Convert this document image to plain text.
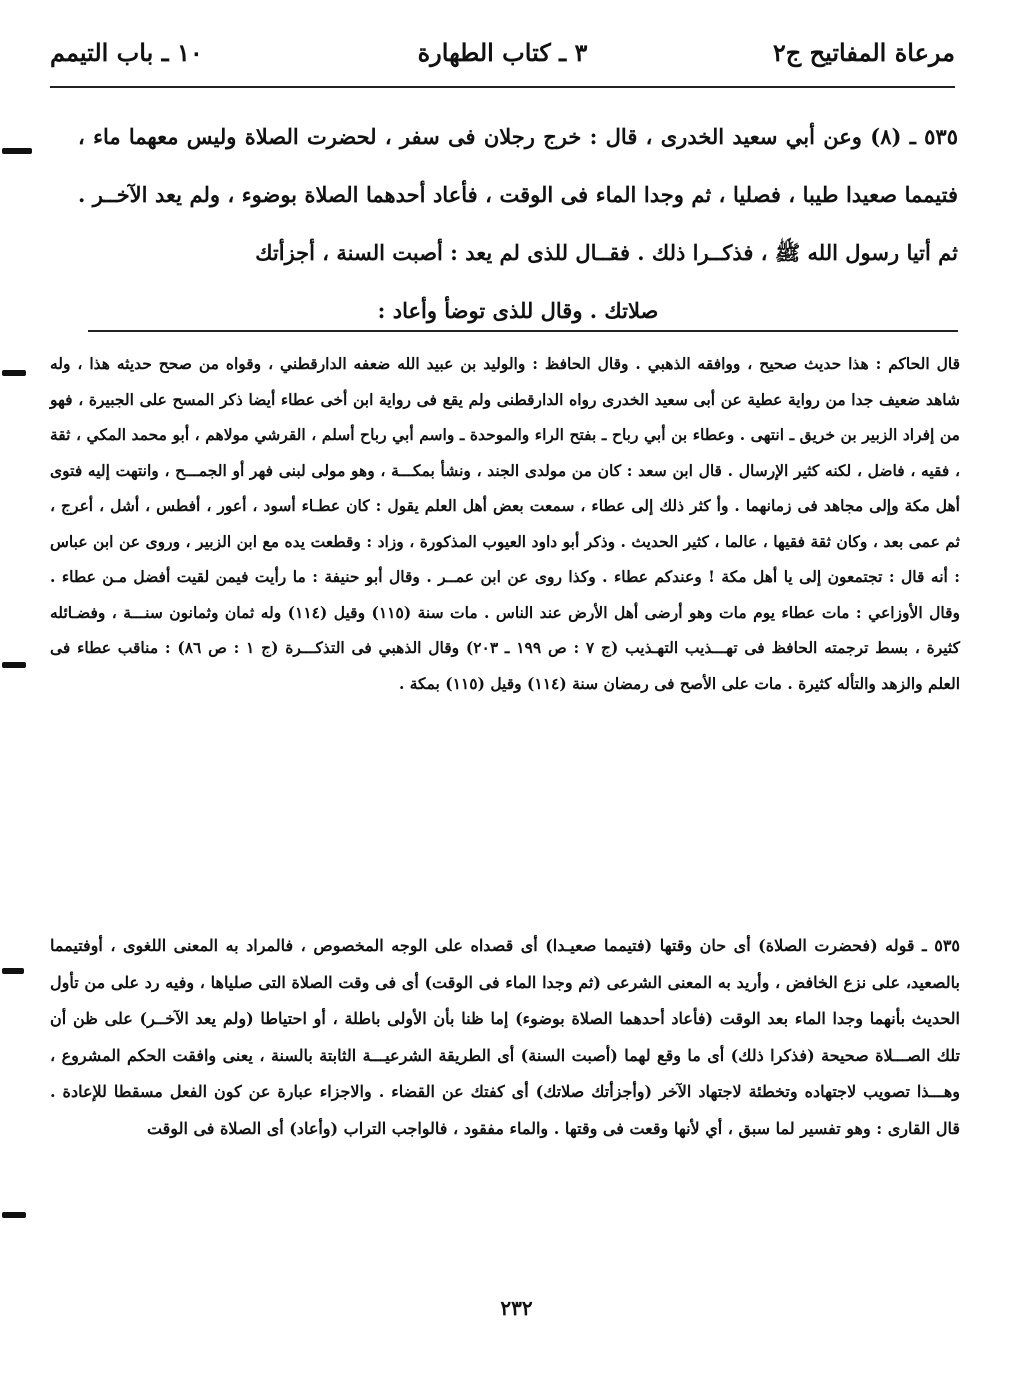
مرعاة المفاتيح ج٢
٣ ـ كتاب الطهارة
١٠ ـ باب التيمم

٥٣٥ ـ (٨) وعن أبي سعيد الخدرى ، قال : خرج رجلان فى سفر ، لحضرت الصلاة وليس معهما ماء ، فتيمما صعيدا طيبا ، فصليا ، ثم وجدا الماء فى الوقت ، فأعاد أحدهما الصلاة بوضوء ، ولم يعد الآخــر . ثم أتيا رسول الله ﷺ ، فذكــرا ذلك . فقــال للذى لم يعد : أصبت السنة ، أجزأتك

صلاتك . وقال للذى توضأ وأعاد :

قال الحاكم : هذا حديث صحيح ، ووافقه الذهبي . وقال الحافظ : والوليد بن عبيد الله ضعفه الدارقطني ، وقواه من صحح حديثه هذا ، وله شاهد ضعيف جدا من رواية عطية عن أبى سعيد الخدرى رواه الدارقطنى ولم يقع فى رواية ابن أخى عطاء أيضا ذكر المسح على الجبيرة ، فهو من إفراد الزبير بن خريق ـ انتهى . وعطاء بن أبي رباح ـ بفتح الراء والموحدة ـ واسم أبي رباح أسلم ، القرشي مولاهم ، أبو محمد المكي ، ثقة ، فقيه ، فاضل ، لكنه كثير الإرسال . قال ابن سعد : كان من مولدى الجند ، ونشأ بمكـــة ، وهو مولى لبنى فهر أو الجمـــح ، وانتهت إليه فتوى أهل مكة وإلى مجاهد فى زمانهما . وأ كثر ذلك إلى عطاء ، سمعت بعض أهل العلم يقول : كان عطـاء أسود ، أعور ، أفطس ، أشل ، أعرج ، ثم عمى بعد ، وكان ثقة فقيها ، عالما ، كثير الحديث . وذكر أبو داود العيوب المذكورة ، وزاد : وقطعت يده مع ابن الزبير ، وروى عن ابن عباس : أنه قال : تجتمعون إلى يا أهل مكة ! وعندكم عطاء . وكذا روى عن ابن عمــر . وقال أبو حنيفة : ما رأيت فيمن لقيت أفضل مـن عطاء . وقال الأوزاعي : مات عطاء يوم مات وهو أرضى أهل الأرض عند الناس . مات سنة (١١٥) وقيل (١١٤) وله ثمان وثمانون سنـــة ، وفضـائله كثيرة ، بسط ترجمته الحافظ فى تهـــذيب التهـذيب (ج ٧ : ص ١٩٩ ـ ٢٠٣) وقال الذهبي فى التذكـــرة (ج ١ : ص ٨٦) : مناقب عطاء فى العلم والزهد والتأله كثيرة . مات على الأصح فى رمضان سنة (١١٤) وقيل (١١٥) بمكة .

٥٣٥ ـ قوله (فحضرت الصلاة) أى حان وقتها (فتيمما صعيـدا) أى قصداه على الوجه المخصوص ، فالمراد به المعنى اللغوى ، أوفتيمما بالصعيد، على نزع الخافض ، وأريد به المعنى الشرعى (ثم وجدا الماء فى الوقت) أى فى وقت الصلاة التى صلياها ، وفيه رد على من تأول الحديث بأنهما وجدا الماء بعد الوقت (فأعاد أحدهما الصلاة بوضوء) إما ظنا بأن الأولى باطلة ، أو احتياطا (ولم يعد الآخــر) على ظن أن تلك الصـــلاة صحيحة (فذكرا ذلك) أى ما وقع لهما (أصبت السنة) أى الطريقة الشرعيـــة الثابتة بالسنة ، يعنى وافقت الحكم المشروع ، وهـــذا تصويب لاجتهاده وتخطئة لاجتهاد الآخر (وأجزأتك صلاتك) أى كفتك عن القضاء . والاجزاء عبارة عن كون الفعل مسقطا للإعادة . قال القارى : وهو تفسير لما سبق ، أي لأنها وقعت فى وقتها . والماء مفقود ، فالواجب التراب (وأعاد) أى الصلاة فى الوقت

٢٣٢
